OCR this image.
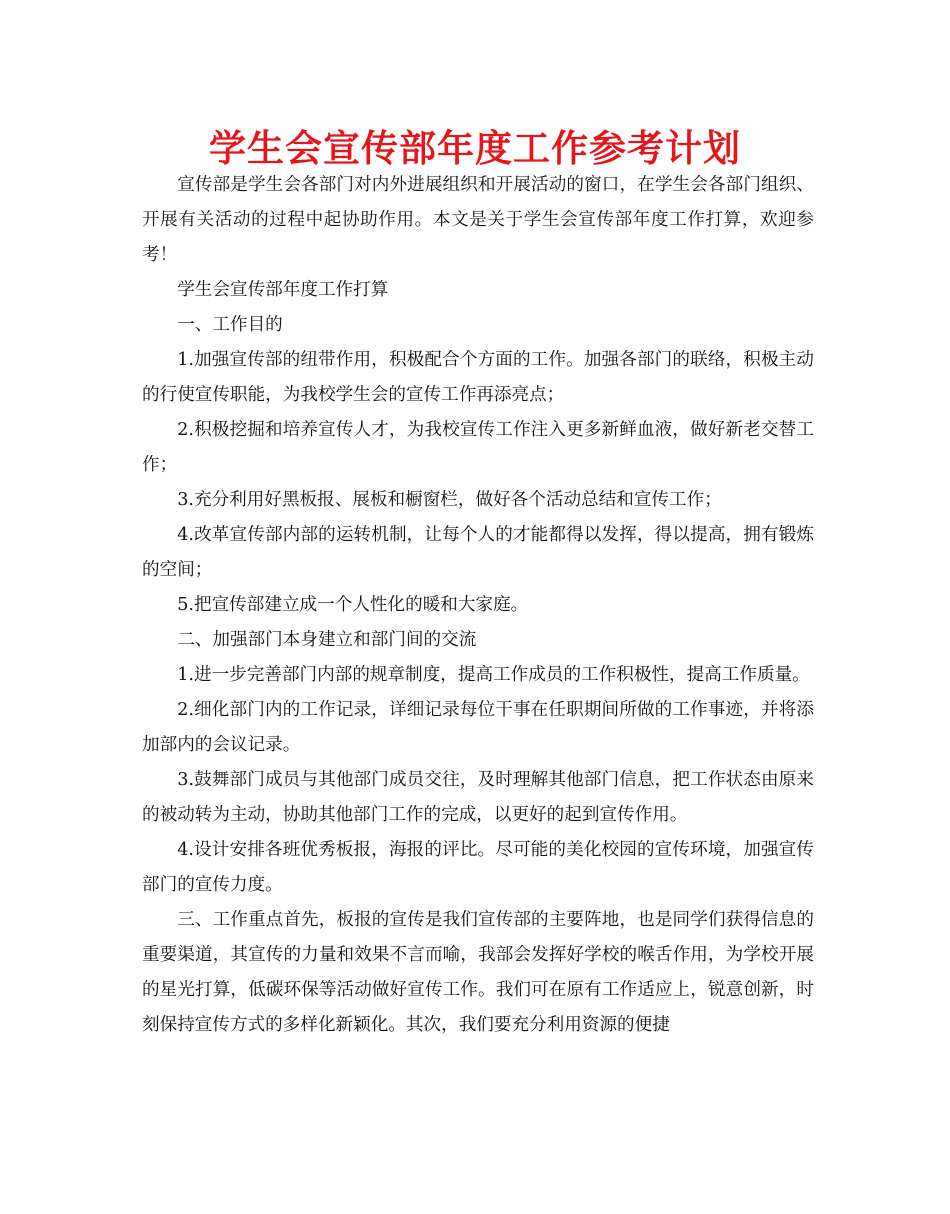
学生会宣传部年度工作参考计划

宣传部是学生会各部门对内外进展组织和开展活动的窗口，在学生会各部门组织、开展有关活动的过程中起协助作用。本文是关于学生会宣传部年度工作打算，欢迎参考！

学生会宣传部年度工作打算

一、工作目的

1.加强宣传部的纽带作用，积极配合个方面的工作。加强各部门的联络，积极主动的行使宣传职能，为我校学生会的宣传工作再添亮点；

2.积极挖掘和培养宣传人才，为我校宣传工作注入更多新鲜血液，做好新老交替工作；

3.充分利用好黑板报、展板和橱窗栏，做好各个活动总结和宣传工作；

4.改革宣传部内部的运转机制，让每个人的才能都得以发挥，得以提高，拥有锻炼的空间；

5.把宣传部建立成一个人性化的暖和大家庭。

二、加强部门本身建立和部门间的交流

1.进一步完善部门内部的规章制度，提高工作成员的工作积极性，提高工作质量。

2.细化部门内的工作记录，详细记录每位干事在任职期间所做的工作事迹，并将添加部内的会议记录。

3.鼓舞部门成员与其他部门成员交往，及时理解其他部门信息，把工作状态由原来的被动转为主动，协助其他部门工作的完成，以更好的起到宣传作用。

4.设计安排各班优秀板报，海报的评比。尽可能的美化校园的宣传环境，加强宣传部门的宣传力度。

三、工作重点首先，板报的宣传是我们宣传部的主要阵地，也是同学们获得信息的重要渠道，其宣传的力量和效果不言而喻，我部会发挥好学校的喉舌作用，为学校开展的星光打算，低碳环保等活动做好宣传工作。我们可在原有工作适应上，锐意创新，时刻保持宣传方式的多样化新颖化。其次，我们要充分利用资源的便捷
